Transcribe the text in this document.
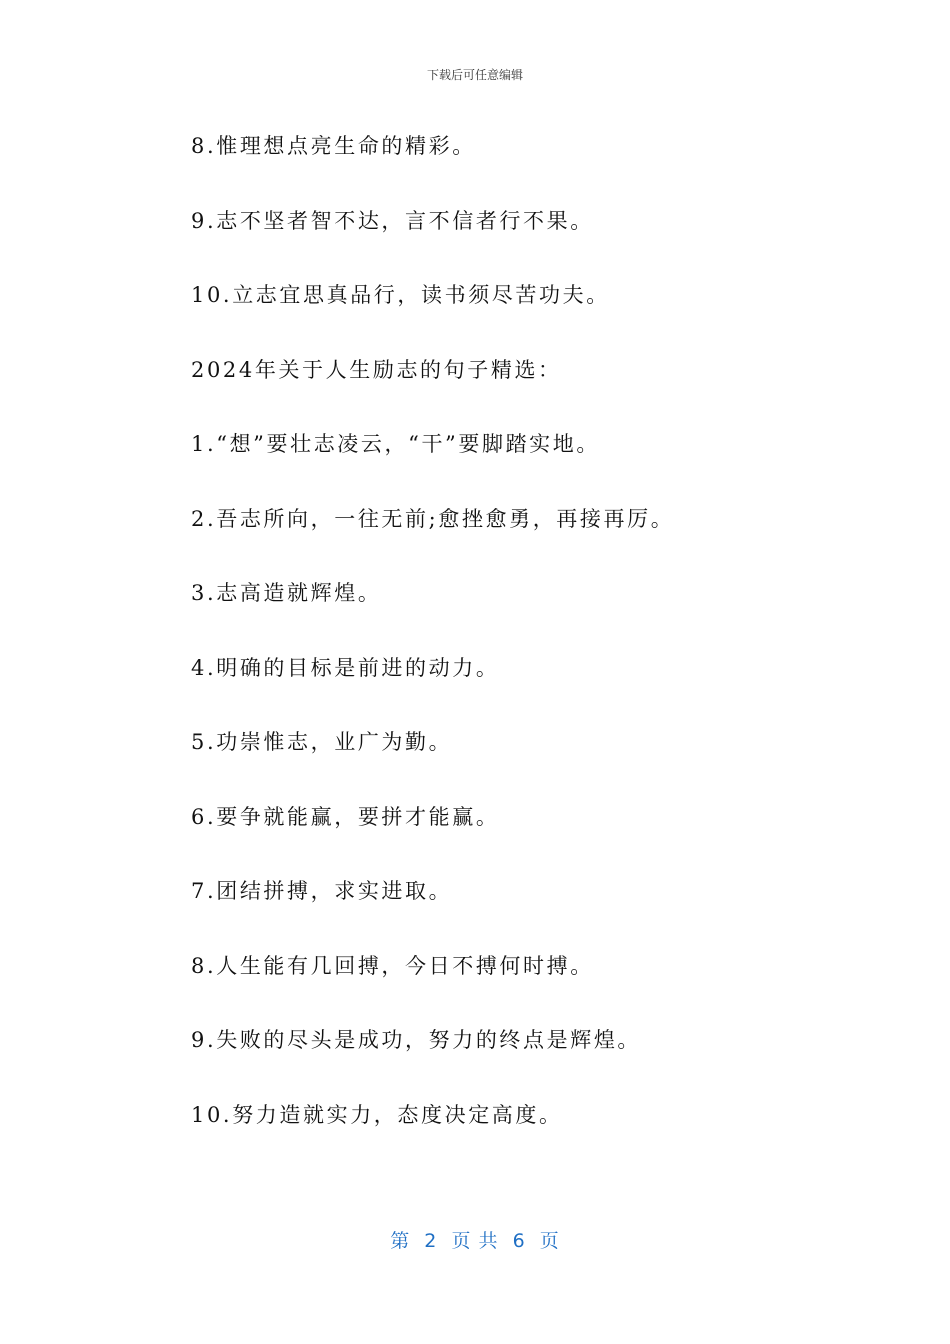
下载后可任意编辑
8.惟理想点亮生命的精彩。
9.志不坚者智不达，言不信者行不果。
10.立志宜思真品行，读书须尽苦功夫。
2024年关于人生励志的句子精选：
1.“想”要壮志凌云，“干”要脚踏实地。
2.吾志所向，一往无前;愈挫愈勇，再接再厉。
3.志高造就辉煌。
4.明确的目标是前进的动力。
5.功崇惟志，业广为勤。
6.要争就能赢，要拼才能赢。
7.团结拼搏，求实进取。
8.人生能有几回搏，今日不搏何时搏。
9.失败的尽头是成功，努力的终点是辉煌。
10.努力造就实力，态度决定高度。
第  2  页 共  6  页
